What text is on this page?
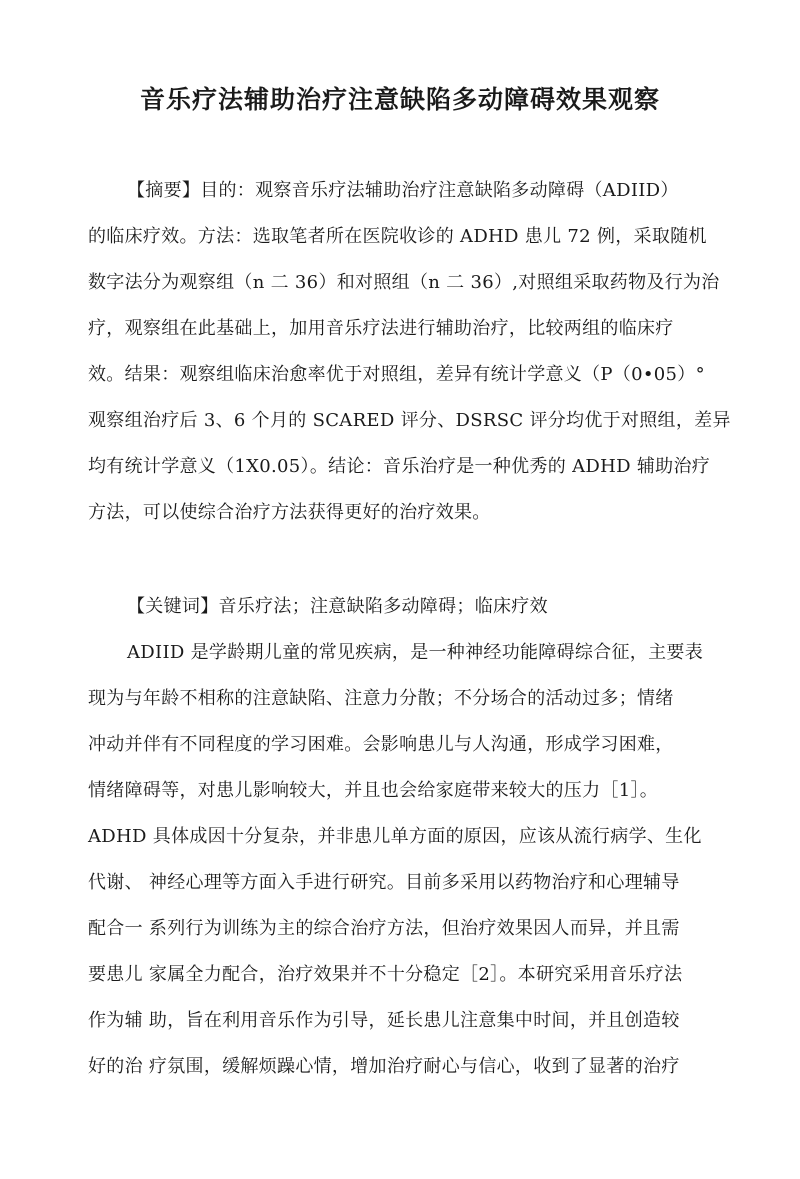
音乐疗法辅助治疗注意缺陷多动障碍效果观察

【摘要】目的：观察音乐疗法辅助治疗注意缺陷多动障碍（ADIID）

的临床疗效。方法：选取笔者所在医院收诊的 ADHD 患儿 72 例，采取随机

数字法分为观察组（n 二 36）和对照组（n 二 36）,对照组采取药物及行为治

疗，观察组在此基础上，加用音乐疗法进行辅助治疗，比较两组的临床疗

效。结果：观察组临床治愈率优于对照组，差异有统计学意义（P（0•05）°

观察组治疗后 3、6 个月的 SCARED 评分、DSRSC 评分均优于对照组，差异

均有统计学意义（1X0.05）。结论：音乐治疗是一种优秀的 ADHD 辅助治疗

方法，可以使综合治疗方法获得更好的治疗效果。

【关键词】音乐疗法；注意缺陷多动障碍；临床疗效

ADIID 是学龄期儿童的常见疾病，是一种神经功能障碍综合征，主要表

现为与年龄不相称的注意缺陷、注意力分散；不分场合的活动过多；情绪

冲动并伴有不同程度的学习困难。会影响患儿与人沟通，形成学习困难，

情绪障碍等，对患儿影响较大，并且也会给家庭带来较大的压力［1］。

ADHD 具体成因十分复杂，并非患儿单方面的原因，应该从流行病学、生化

代谢、 神经心理等方面入手进行研究。目前多采用以药物治疗和心理辅导

配合一 系列行为训练为主的综合治疗方法，但治疗效果因人而异，并且需

要患儿 家属全力配合，治疗效果并不十分稳定［2］。本研究采用音乐疗法

作为辅 助，旨在利用音乐作为引导，延长患儿注意集中时间，并且创造较

好的治 疗氛围，缓解烦躁心情，增加治疗耐心与信心，收到了显著的治疗
